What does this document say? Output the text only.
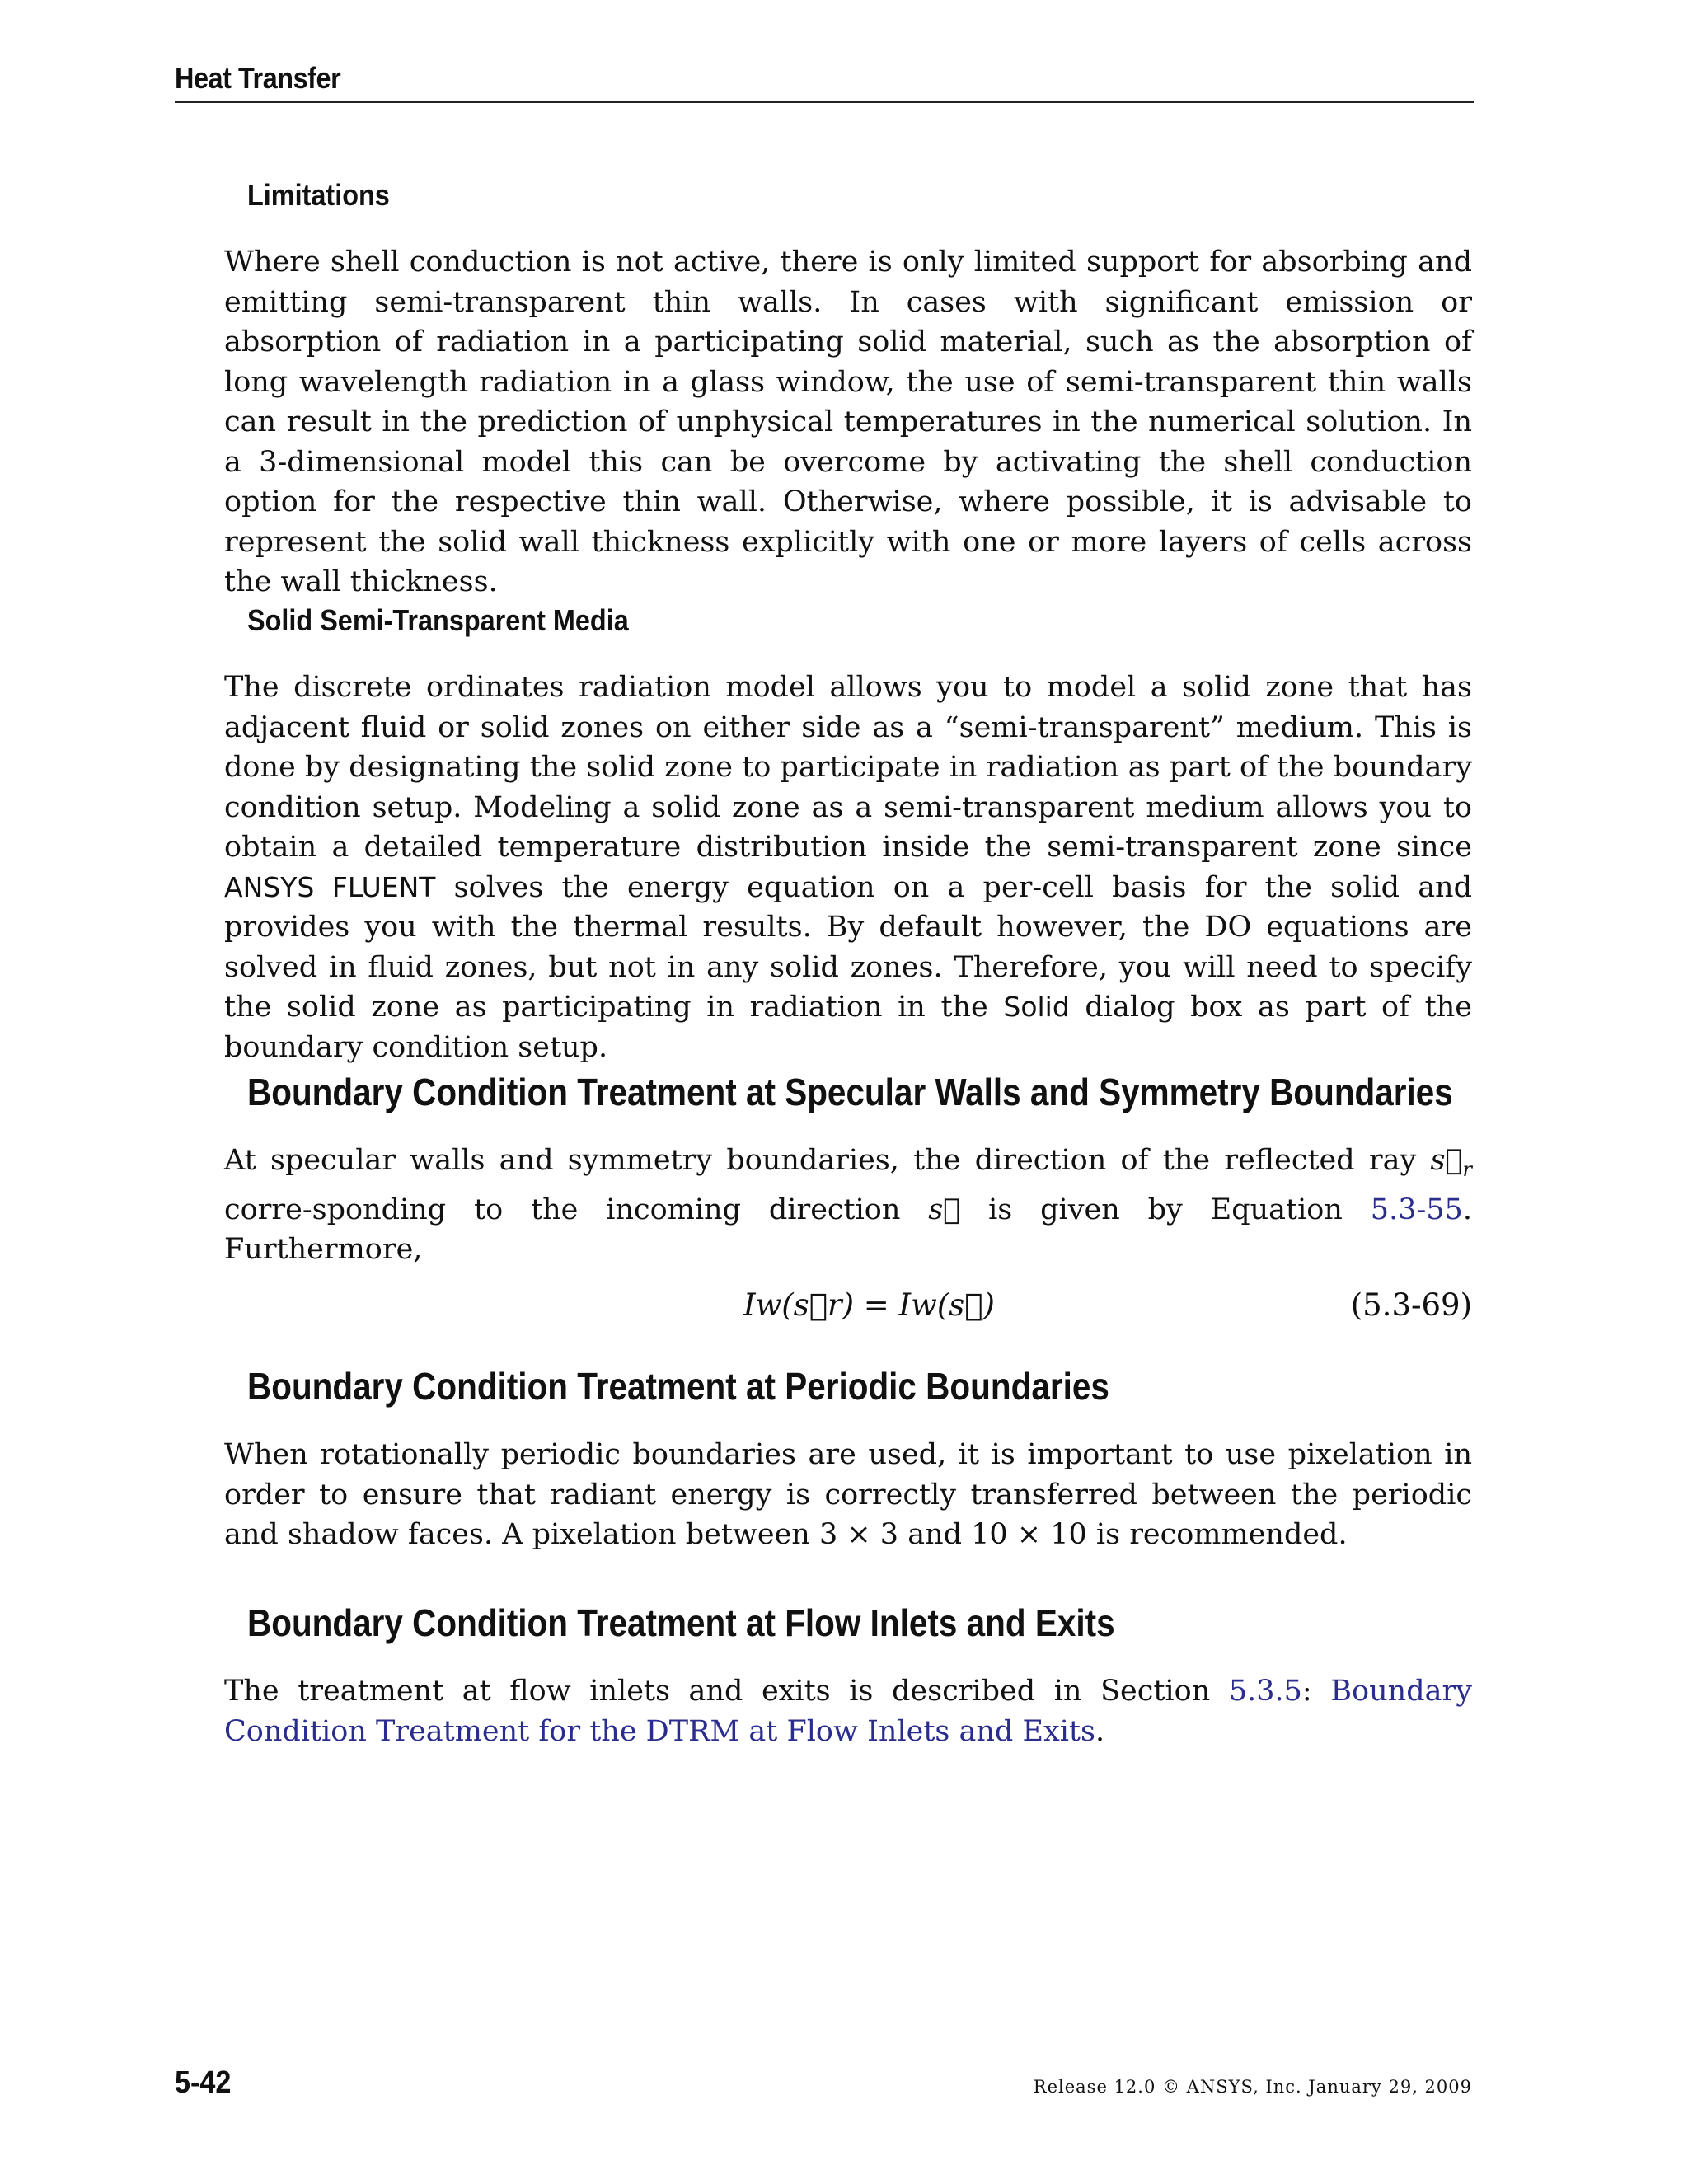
Heat Transfer
Limitations

Where shell conduction is not active, there is only limited support for absorbing and emitting semi-transparent thin walls. In cases with significant emission or absorption of radiation in a participating solid material, such as the absorption of long wavelength radiation in a glass window, the use of semi-transparent thin walls can result in the prediction of unphysical temperatures in the numerical solution. In a 3-dimensional model this can be overcome by activating the shell conduction option for the respective thin wall. Otherwise, where possible, it is advisable to represent the solid wall thickness explicitly with one or more layers of cells across the wall thickness.

Solid Semi-Transparent Media

The discrete ordinates radiation model allows you to model a solid zone that has adjacent fluid or solid zones on either side as a “semi-transparent” medium. This is done by designating the solid zone to participate in radiation as part of the boundary condition setup. Modeling a solid zone as a semi-transparent medium allows you to obtain a detailed temperature distribution inside the semi-transparent zone since ANSYS FLUENT solves the energy equation on a per-cell basis for the solid and provides you with the thermal results. By default however, the DO equations are solved in fluid zones, but not in any solid zones. Therefore, you will need to specify the solid zone as participating in radiation in the Solid dialog box as part of the boundary condition setup.

Boundary Condition Treatment at Specular Walls and Symmetry Boundaries

At specular walls and symmetry boundaries, the direction of the reflected ray $s⃗_r$ corre-sponding to the incoming direction s⃗ is given by Equation 5.3-55. Furthermore,

Iw(s⃗r) = Iw(s⃗)	(5.3-69)
Boundary Condition Treatment at Periodic Boundaries

When rotationally periodic boundaries are used, it is important to use pixelation in order to ensure that radiant energy is correctly transferred between the periodic and shadow faces. A pixelation between 3 × 3 and 10 × 10 is recommended.

Boundary Condition Treatment at Flow Inlets and Exits

The treatment at flow inlets and exits is described in Section 5.3.5: Boundary Condition Treatment for the DTRM at Flow Inlets and Exits.

5-42	Release 12.0 © ANSYS, Inc. January 29, 2009
